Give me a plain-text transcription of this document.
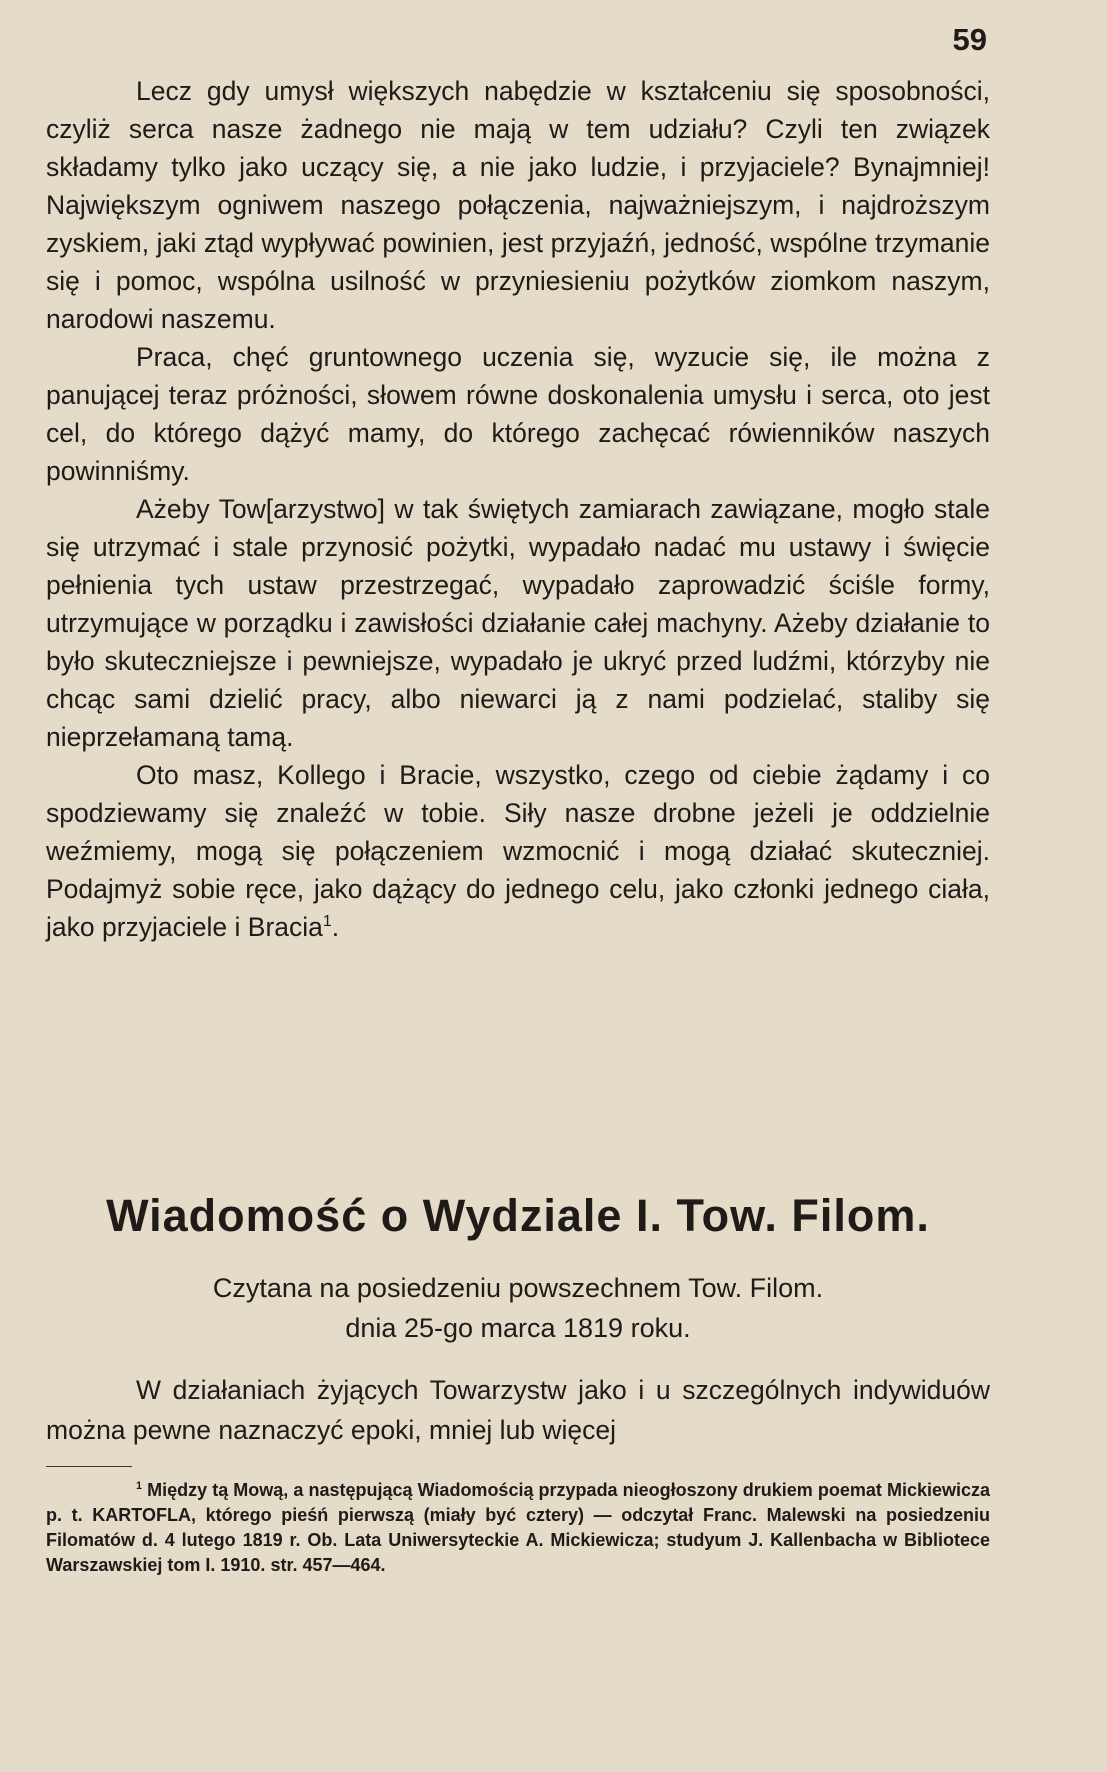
59

Lecz gdy umysł większych nabędzie w kształceniu się sposobności, czyliż serca nasze żadnego nie mają w tem udziału? Czyli ten związek składamy tylko jako uczący się, a nie jako ludzie, i przyjaciele? Bynajmniej! Największym ogniwem naszego połączenia, najważniejszym, i najdroższym zyskiem, jaki ztąd wypływać powinien, jest przyjaźń, jedność, wspólne trzymanie się i pomoc, wspólna usilność w przyniesieniu pożytków ziomkom naszym, narodowi naszemu.

Praca, chęć gruntownego uczenia się, wyzucie się, ile można z panującej teraz próżności, słowem równe doskonalenia umysłu i serca, oto jest cel, do którego dążyć mamy, do którego zachęcać rówienników naszych powinniśmy.

Ażeby Tow[arzystwo] w tak świętych zamiarach zawiązane, mogło stale się utrzymać i stale przynosić pożytki, wypadało nadać mu ustawy i święcie pełnienia tych ustaw przestrzegać, wypadało zaprowadzić ściśle formy, utrzymujące w porządku i zawisłości działanie całej machyny. Ażeby działanie to było skuteczniejsze i pewniejsze, wypadało je ukryć przed ludźmi, którzyby nie chcąc sami dzielić pracy, albo niewarci ją z nami podzielać, staliby się nieprzełamaną tamą.

Oto masz, Kollego i Bracie, wszystko, czego od ciebie żądamy i co spodziewamy się znaleźć w tobie. Siły nasze drobne jeżeli je oddzielnie weźmiemy, mogą się połączeniem wzmocnić i mogą działać skuteczniej. Podajmyż sobie ręce, jako dążący do jednego celu, jako członki jednego ciała, jako przyjaciele i Bracia$^1$.

Wiadomość o Wydziale I. Tow. Filom.
Czytana na posiedzeniu powszechnem Tow. Filom.
dnia 25-go marca 1819 roku.

W działaniach żyjących Towarzystw jako i u szczególnych indywiduów można pewne naznaczyć epoki, mniej lub więcej

$^1$ Między tą Mową, a następującą Wiadomością przypada nieogłoszony drukiem poemat Mickiewicza p. t. KARTOFLA, którego pieśń pierwszą (miały być cztery) — odczytał Franc. Malewski na posiedzeniu Filomatów d. 4 lutego 1819 r. Ob. Lata Uniwersyteckie A. Mickiewicza; studyum J. Kallenbacha w Bibliotece Warszawskiej tom I. 1910. str. 457—464.
